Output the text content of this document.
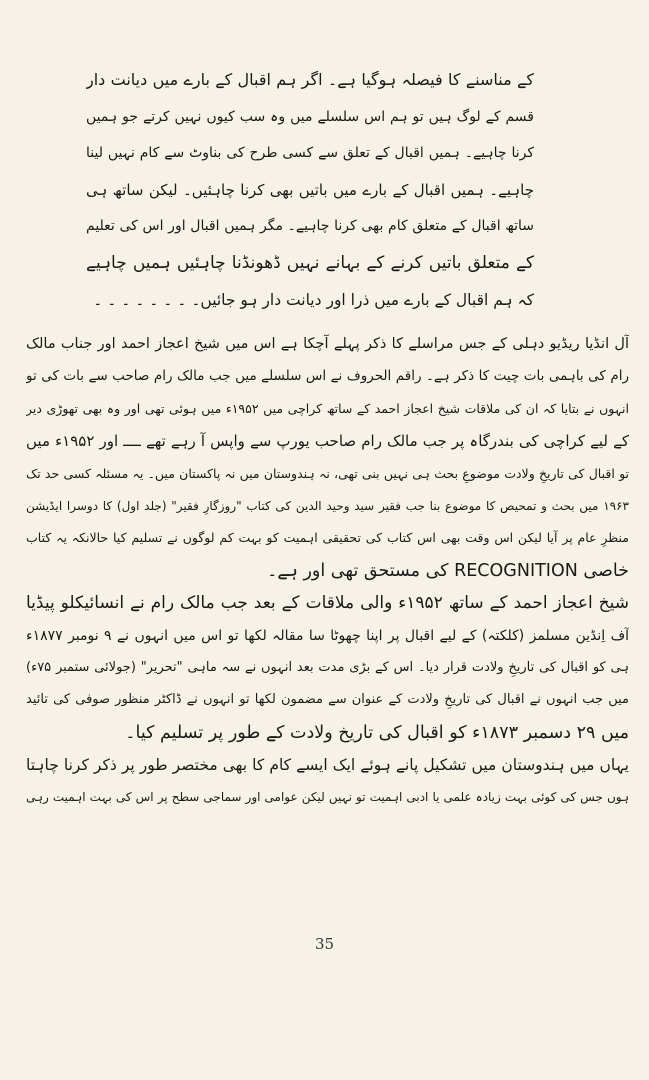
کے مناسنے کا فیصلہ ہوگیا ہے۔ اگر ہم اقبال کے بارے میں دیانت دار
قسم کے لوگ ہیں تو ہم اس سلسلے میں وہ سب کیوں نہیں کرتے جو ہمیں
کرنا چاہیے۔ ہمیں اقبال کے تعلق سے کسی طرح کی بناوٹ سے کام نہیں لینا
چاہیے۔ ہمیں اقبال کے بارے میں باتیں بھی کرنا چاہئیں۔ لیکن ساتھ ہی
ساتھ اقبال کے متعلق کام بھی کرنا چاہیے۔ مگر ہمیں اقبال اور اس کی تعلیم
کے متعلق باتیں کرنے کے بہانے نہیں ڈھونڈنا چاہئیں ہمیں چاہیے
کہ ہم اقبال کے بارے میں ذرا اور دیانت دار ہو جائیں۔ ۔ ۔ ۔ ۔ ۔ ۔ ۔
آل انڈیا ریڈیو دہلی کے جس مراسلے کا ذکر پہلے آچکا ہے اس میں شیخ اعجاز احمد اور جناب مالک
رام کی باہمی بات چیت کا ذکر ہے۔ راقم الحروف نے اس سلسلے میں جب مالک رام صاحب سے بات کی تو
انہوں نے بتایا کہ ان کی ملاقات شیخ اعجاز احمد کے ساتھ کراچی میں ۱۹۵۲ء میں ہوئی تھی اور وہ بھی تھوڑی دیر
کے لیے کراچی کی بندرگاہ پر جب مالک رام صاحب یورپ سے واپس آ رہے تھے ــــ اور ۱۹۵۲ء میں
تو اقبال کی تاریخِ ولادت موضوعِ بحث ہی نہیں بنی تھی، نہ ہندوستان میں نہ پاکستان میں۔ یہ مسئلہ کسی حد تک
۱۹۶۳ میں بحث و تمحیص کا موضوع بنا جب فقیر سید وحید الدین کی کتاب "روزگارِ فقیر" (جلد اول) کا دوسرا ایڈیشن
منظرِ عام پر آیا لیکن اس وقت بھی اس کتاب کی تحقیقی اہمیت کو بہت کم لوگوں نے تسلیم کیا حالانکہ یہ کتاب
خاصی RECOGNITION کی مستحق تھی اور ہے۔
شیخ اعجاز احمد کے ساتھ ۱۹۵۲ء والی ملاقات کے بعد جب مالک رام نے انسائیکلو پیڈیا
آف اِنڈین مسلمز (کلکتہ) کے لیے اقبال پر اپنا چھوٹا سا مقالہ لکھا تو اس میں انہوں نے ۹ نومبر ۱۸۷۷ء
ہی کو اقبال کی تاریخِ ولادت قرار دیا۔ اس کے بڑی مدت بعد انہوں نے سہ ماہی "تحریر" (جولائی ستمبر ۷۵ء)
میں جب انہوں نے اقبال کی تاریخِ ولادت کے عنوان سے مضمون لکھا تو انہوں نے ڈاکٹر منظور صوفی کی تائید
میں ۲۹ دسمبر ۱۸۷۳ء کو اقبال کی تاریخ ولادت کے طور پر تسلیم کیا۔
یہاں میں ہندوستان میں تشکیل پانے ہوئے ایک ایسے کام کا بھی مختصر طور پر ذکر کرنا چاہتا
ہوں جس کی کوئی بہت زیادہ علمی یا ادبی اہمیت تو نہیں لیکن عوامی اور سماجی سطح پر اس کی بہت اہمیت رہی
35
